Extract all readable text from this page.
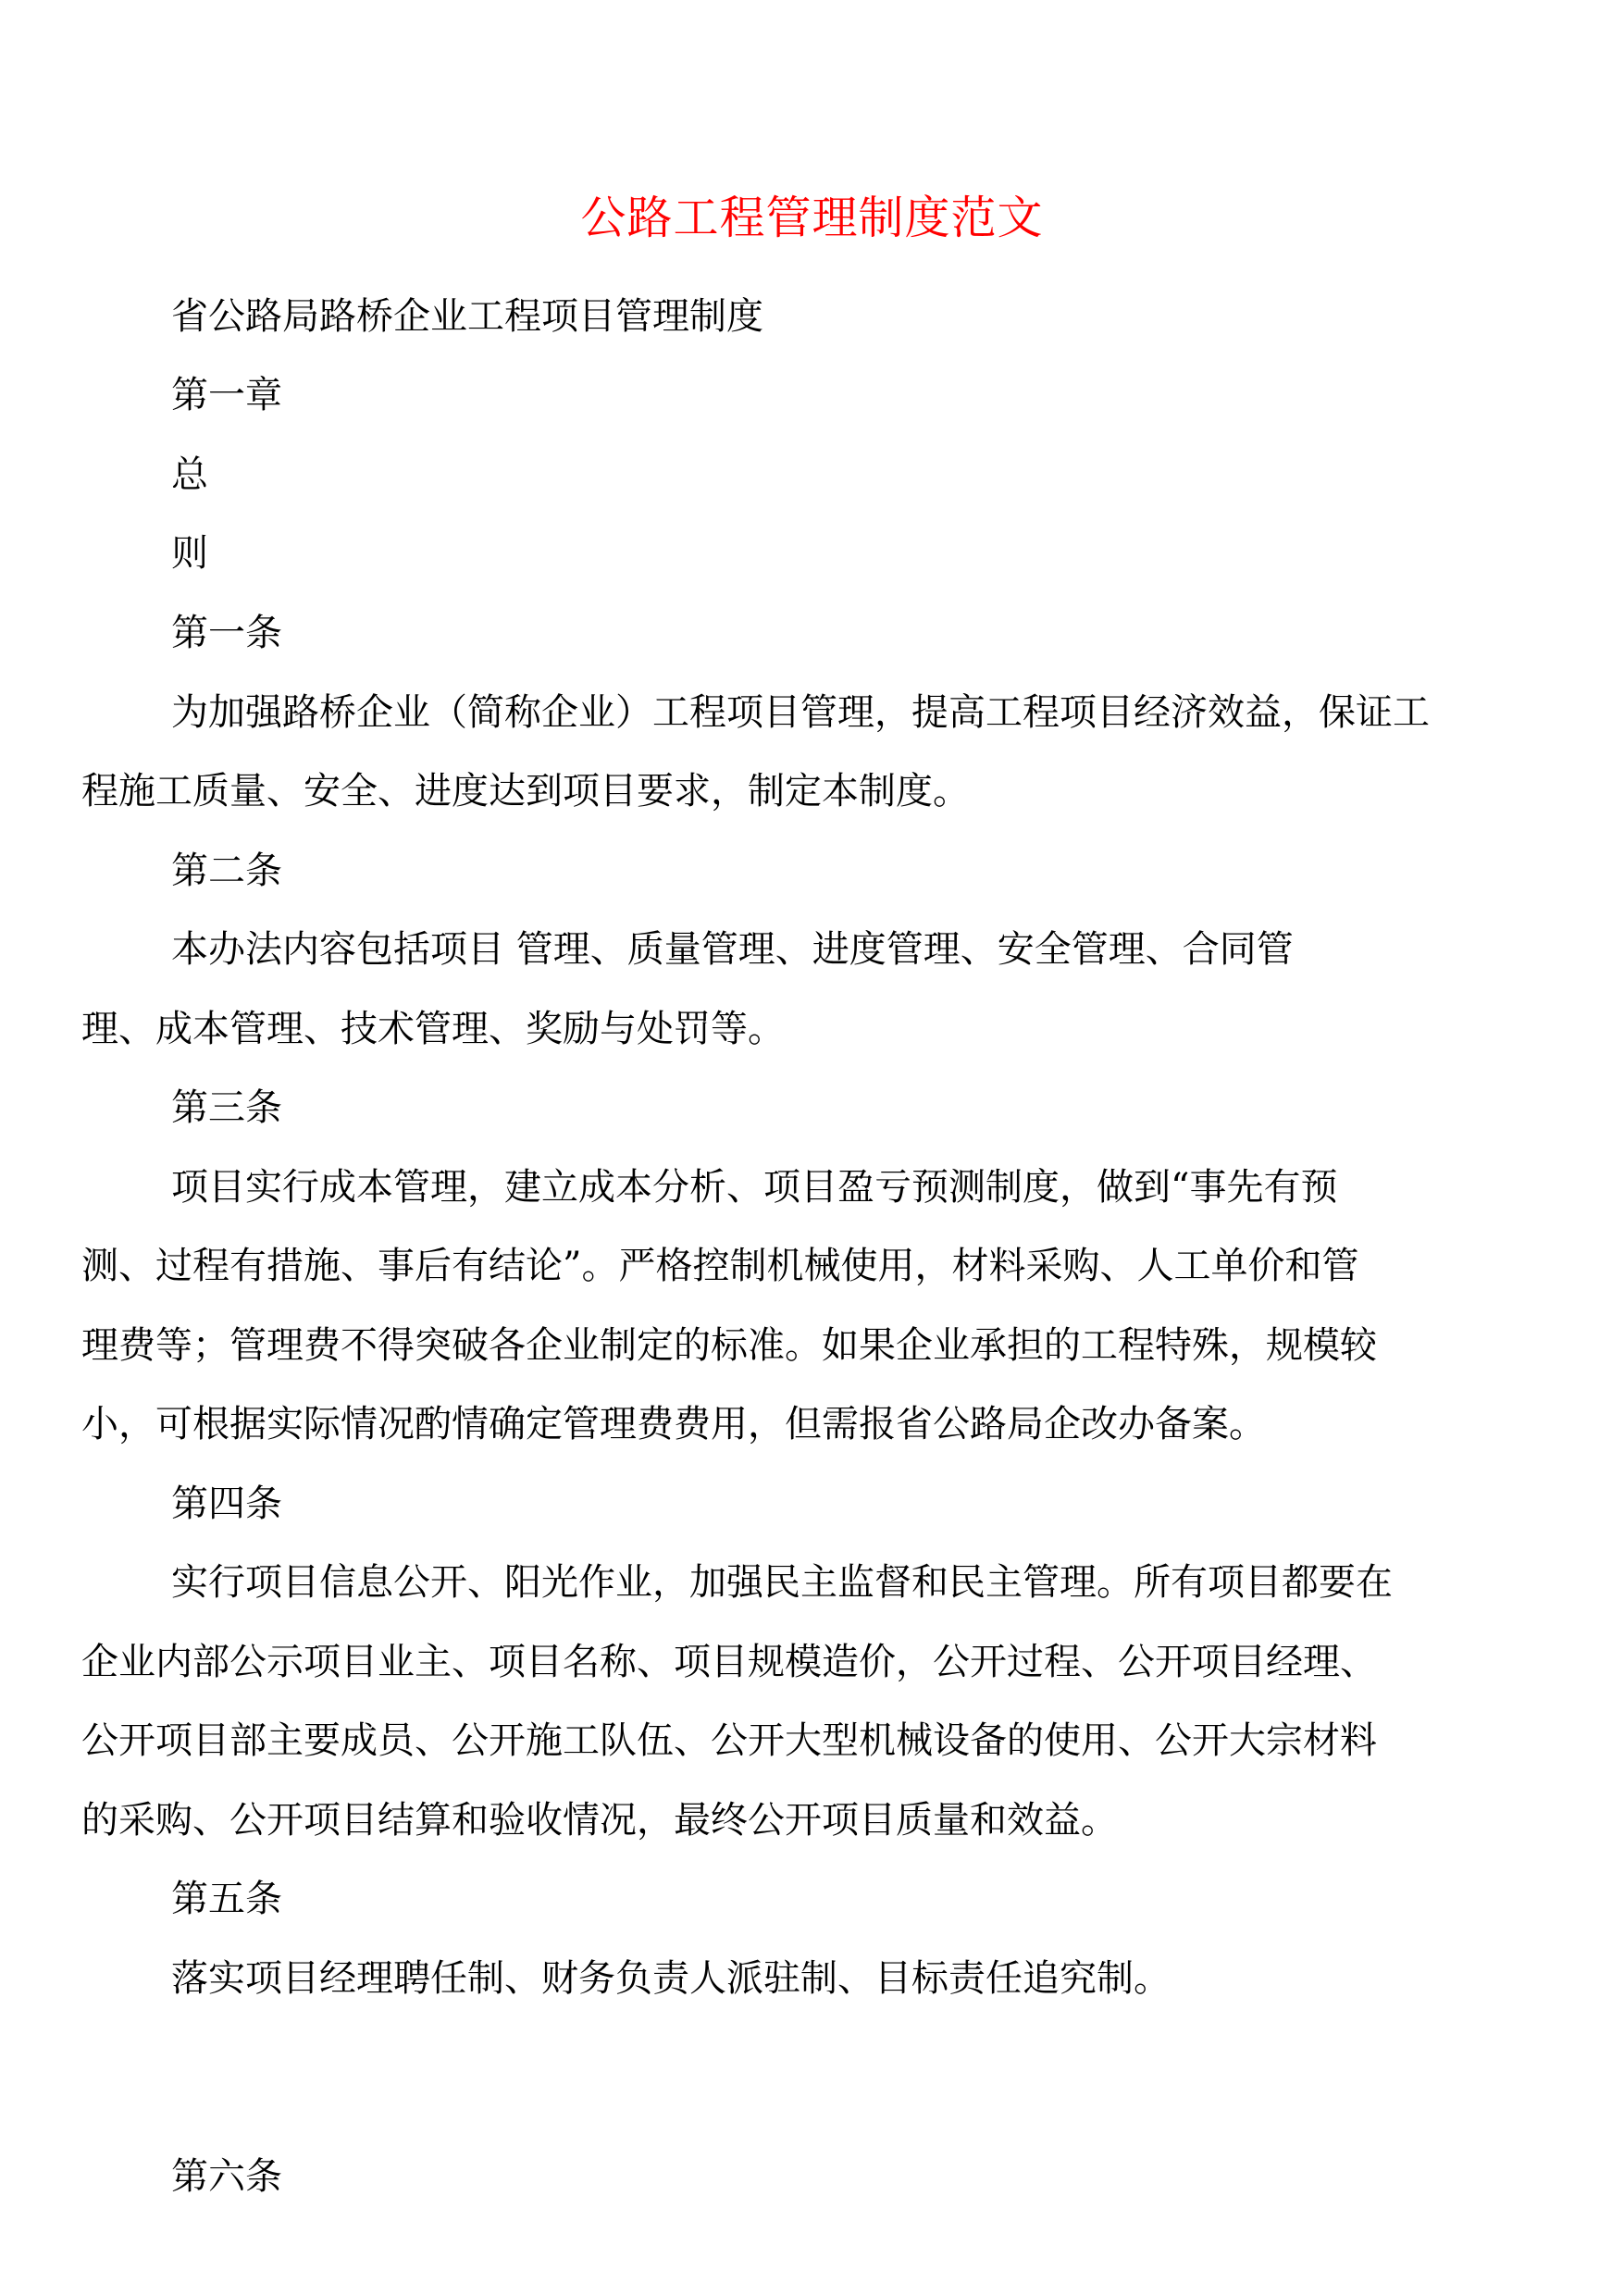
公路工程管理制度范文
省公路局路桥企业工程项目管理制度
第一章
总
则
第一条
为加强路桥企业（简称企业）工程项目管理，提高工程项目经济效益，保证工
程施工质量、安全、进度达到项目要求，制定本制度。
第二条
本办法内容包括项目 管理、质量管理、进度管理、安全管理、合同管
理、成本管理、技术管理、奖励与处罚等。
第三条
项目实行成本管理，建立成本分析、项目盈亏预测制度，做到“事先有预
测、过程有措施、事后有结论”。严格控制机械使用，材料采购、人工单价和管
理费等；管理费不得突破各企业制定的标准。如果企业承担的工程特殊，规模较
小，可根据实际情况酌情确定管理费费用，但需报省公路局企改办备案。
第四条
实行项目信息公开、阳光作业，加强民主监督和民主管理。所有项目都要在
企业内部公示项目业主、项目名称、项目规模造价，公开过程、公开项目经理、
公开项目部主要成员、公开施工队伍、公开大型机械设备的使用、公开大宗材料
的采购、公开项目结算和验收情况，最终公开项目质量和效益。
第五条
落实项目经理聘任制、财务负责人派驻制、目标责任追究制。
第六条
